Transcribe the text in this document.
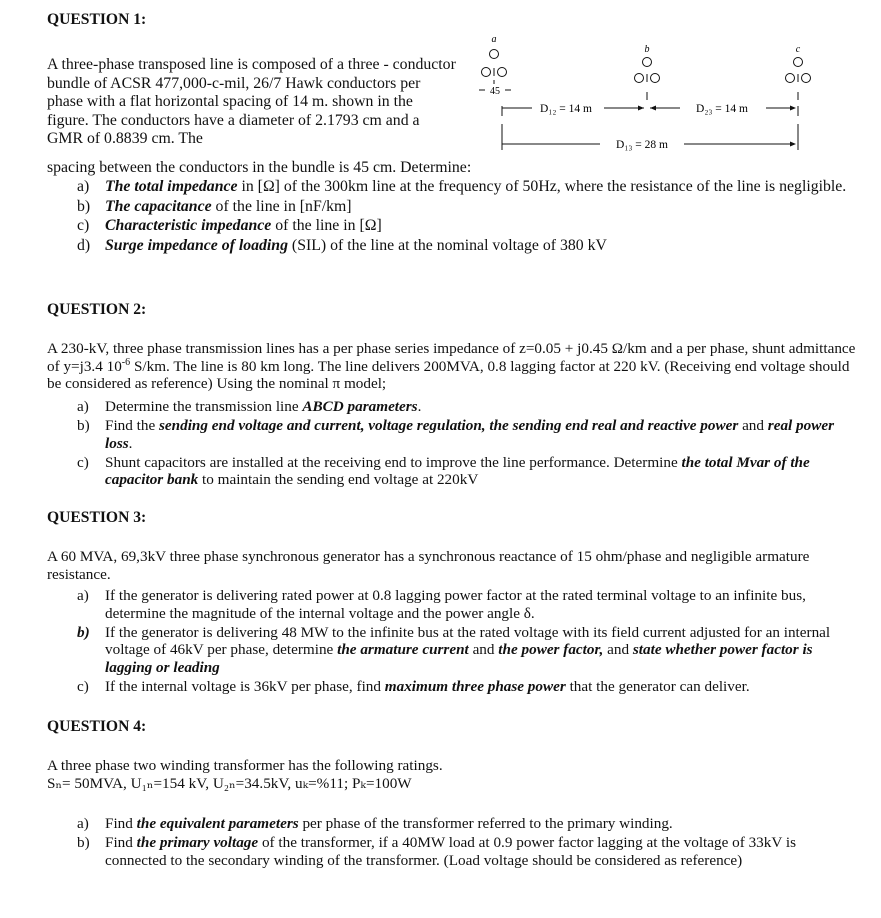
QUESTION 1:

A three-phase transposed line is composed of a three - conductor bundle of ACSR 477,000-c-mil, 26/7 Hawk conductors per phase with a flat horizontal spacing of 14 m. shown in the figure. The conductors have a diameter of 2.1793 cm and a GMR of 0.8839 cm. The

a
45
b	c
D₁₂ = 14 m	D₂₃ = 14 m
D₁₃ = 28 m

spacing between the conductors in the bundle is 45 cm. Determine:

a) The total impedance in [Ω] of the 300km line at the frequency of 50Hz, where the resistance of the line is negligible.
b) The capacitance of the line in [nF/km]
c) Characteristic impedance of the line in [Ω]
d) Surge impedance of loading (SIL) of the line at the nominal voltage of 380 kV
QUESTION 2:

A 230-kV, three phase transmission lines has a per phase series impedance of z=0.05 + j0.45 Ω/km and a per phase, shunt admittance of y=j3.4 $10^{-6}$ S/km. The line is 80 km long. The line delivers 200MVA, 0.8 lagging factor at 220 kV. (Receiving end voltage should be considered as reference) Using the nominal π model;

a) Determine the transmission line ABCD parameters.
b) Find the sending end voltage and current, voltage regulation, the sending end real and reactive power and real power loss.
c) Shunt capacitors are installed at the receiving end to improve the line performance. Determine the total Mvar of the capacitor bank to maintain the sending end voltage at 220kV
QUESTION 3:

A 60 MVA, 69,3kV three phase synchronous generator has a synchronous reactance of 15 ohm/phase and negligible armature resistance.

a) If the generator is delivering rated power at 0.8 lagging power factor at the rated terminal voltage to an infinite bus, determine the magnitude of the internal voltage and the power angle δ.
b) If the generator is delivering 48 MW to the infinite bus at the rated voltage with its field current adjusted for an internal voltage of 46kV per phase, determine the armature current and the power factor, and state whether power factor is lagging or leading
c) If the internal voltage is 36kV per phase, find maximum three phase power that the generator can deliver.
QUESTION 4:

A three phase two winding transformer has the following ratings.

Sₙ= 50MVA, U₁ₙ=154 kV, U₂ₙ=34.5kV, uₖ=%11; Pₖ=100W

a) Find the equivalent parameters per phase of the transformer referred to the primary winding.
b) Find the primary voltage of the transformer, if a 40MW load at 0.9 power factor lagging at the voltage of 33kV is connected to the secondary winding of the transformer. (Load voltage should be considered as reference)
